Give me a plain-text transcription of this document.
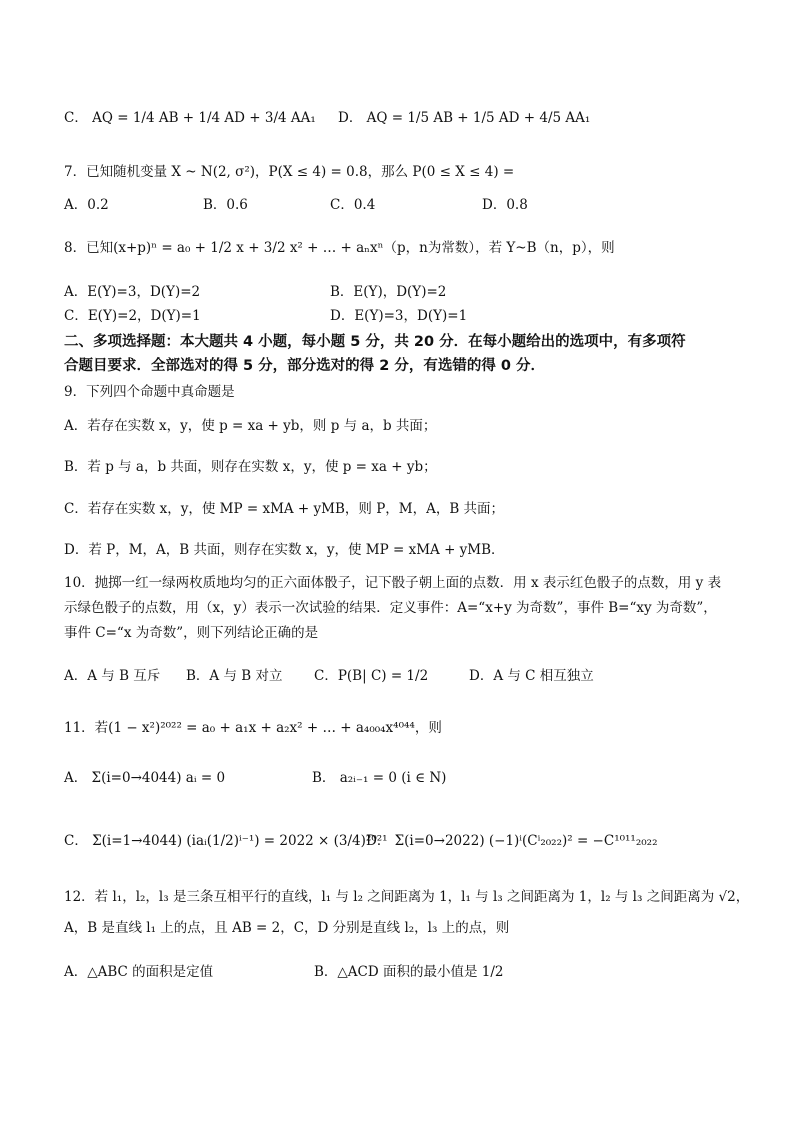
C． AQ = 1/4 AB + 1/4 AD + 3/4 AA₁ D． AQ = 1/5 AB + 1/5 AD + 4/5 AA₁
7．已知随机变量 X ~ N(2, σ²)，P(X ≤ 4) = 0.8，那么 P(0 ≤ X ≤ 4) =
A．0.2	B．0.6	C．0.4	D．0.8
8．已知(x+p)ⁿ = a₀ + 1/2 x + 3/2 x² + … + aₙxⁿ（p，n为常数），若 Y~B（n，p），则
A．E(Y)=3，D(Y)=2	B．E(Y)，D(Y)=2
C．E(Y)=2，D(Y)=1	D．E(Y)=3，D(Y)=1
二、多项选择题：本大题共 4 小题，每小题 5 分，共 20 分．在每小题给出的选项中，有多项符
合题目要求．全部选对的得 5 分，部分选对的得 2 分，有选错的得 0 分．
9．下列四个命题中真命题是
A．若存在实数 x，y，使 p = xa + yb，则 p 与 a，b 共面；
B．若 p 与 a，b 共面，则存在实数 x，y，使 p = xa + yb；
C．若存在实数 x，y，使 MP = xMA + yMB，则 P，M，A，B 共面；
D．若 P，M，A，B 共面，则存在实数 x，y，使 MP = xMA + yMB．
10．抛掷一红一绿两枚质地均匀的正六面体骰子，记下骰子朝上面的点数．用 x 表示红色骰子的点数，用 y 表
示绿色骰子的点数，用（x，y）表示一次试验的结果．定义事件：A=“x+y 为奇数”，事件 B=“xy 为奇数”，
事件 C=“x 为奇数”，则下列结论正确的是
A．A 与 B 互斥 B．A 与 B 对立 C．P(B| C) = 1/2	D．A 与 C 相互独立
11．若(1 − x²)²⁰²² = a₀ + a₁x + a₂x² + … + a₄₀₀₄x⁴⁰⁴⁴，则
A． Σ(i=0→4044) aᵢ = 0	B． a₂ᵢ₋₁ = 0 (i ∈ N)
C． Σ(i=1→4044) (iaᵢ(1/2)ⁱ⁻¹) = 2022 × (3/4)²⁰²¹
D． Σ(i=0→2022) (−1)ⁱ(Cⁱ₂₀₂₂)² = −C¹⁰¹¹₂₀₂₂
12．若 l₁，l₂，l₃ 是三条互相平行的直线，l₁ 与 l₂ 之间距离为 1，l₁ 与 l₃ 之间距离为 1，l₂ 与 l₃ 之间距离为 √2，
A，B 是直线 l₁ 上的点，且 AB = 2，C，D 分别是直线 l₂，l₃ 上的点，则
A．△ABC 的面积是定值	B．△ACD 面积的最小值是 1/2
